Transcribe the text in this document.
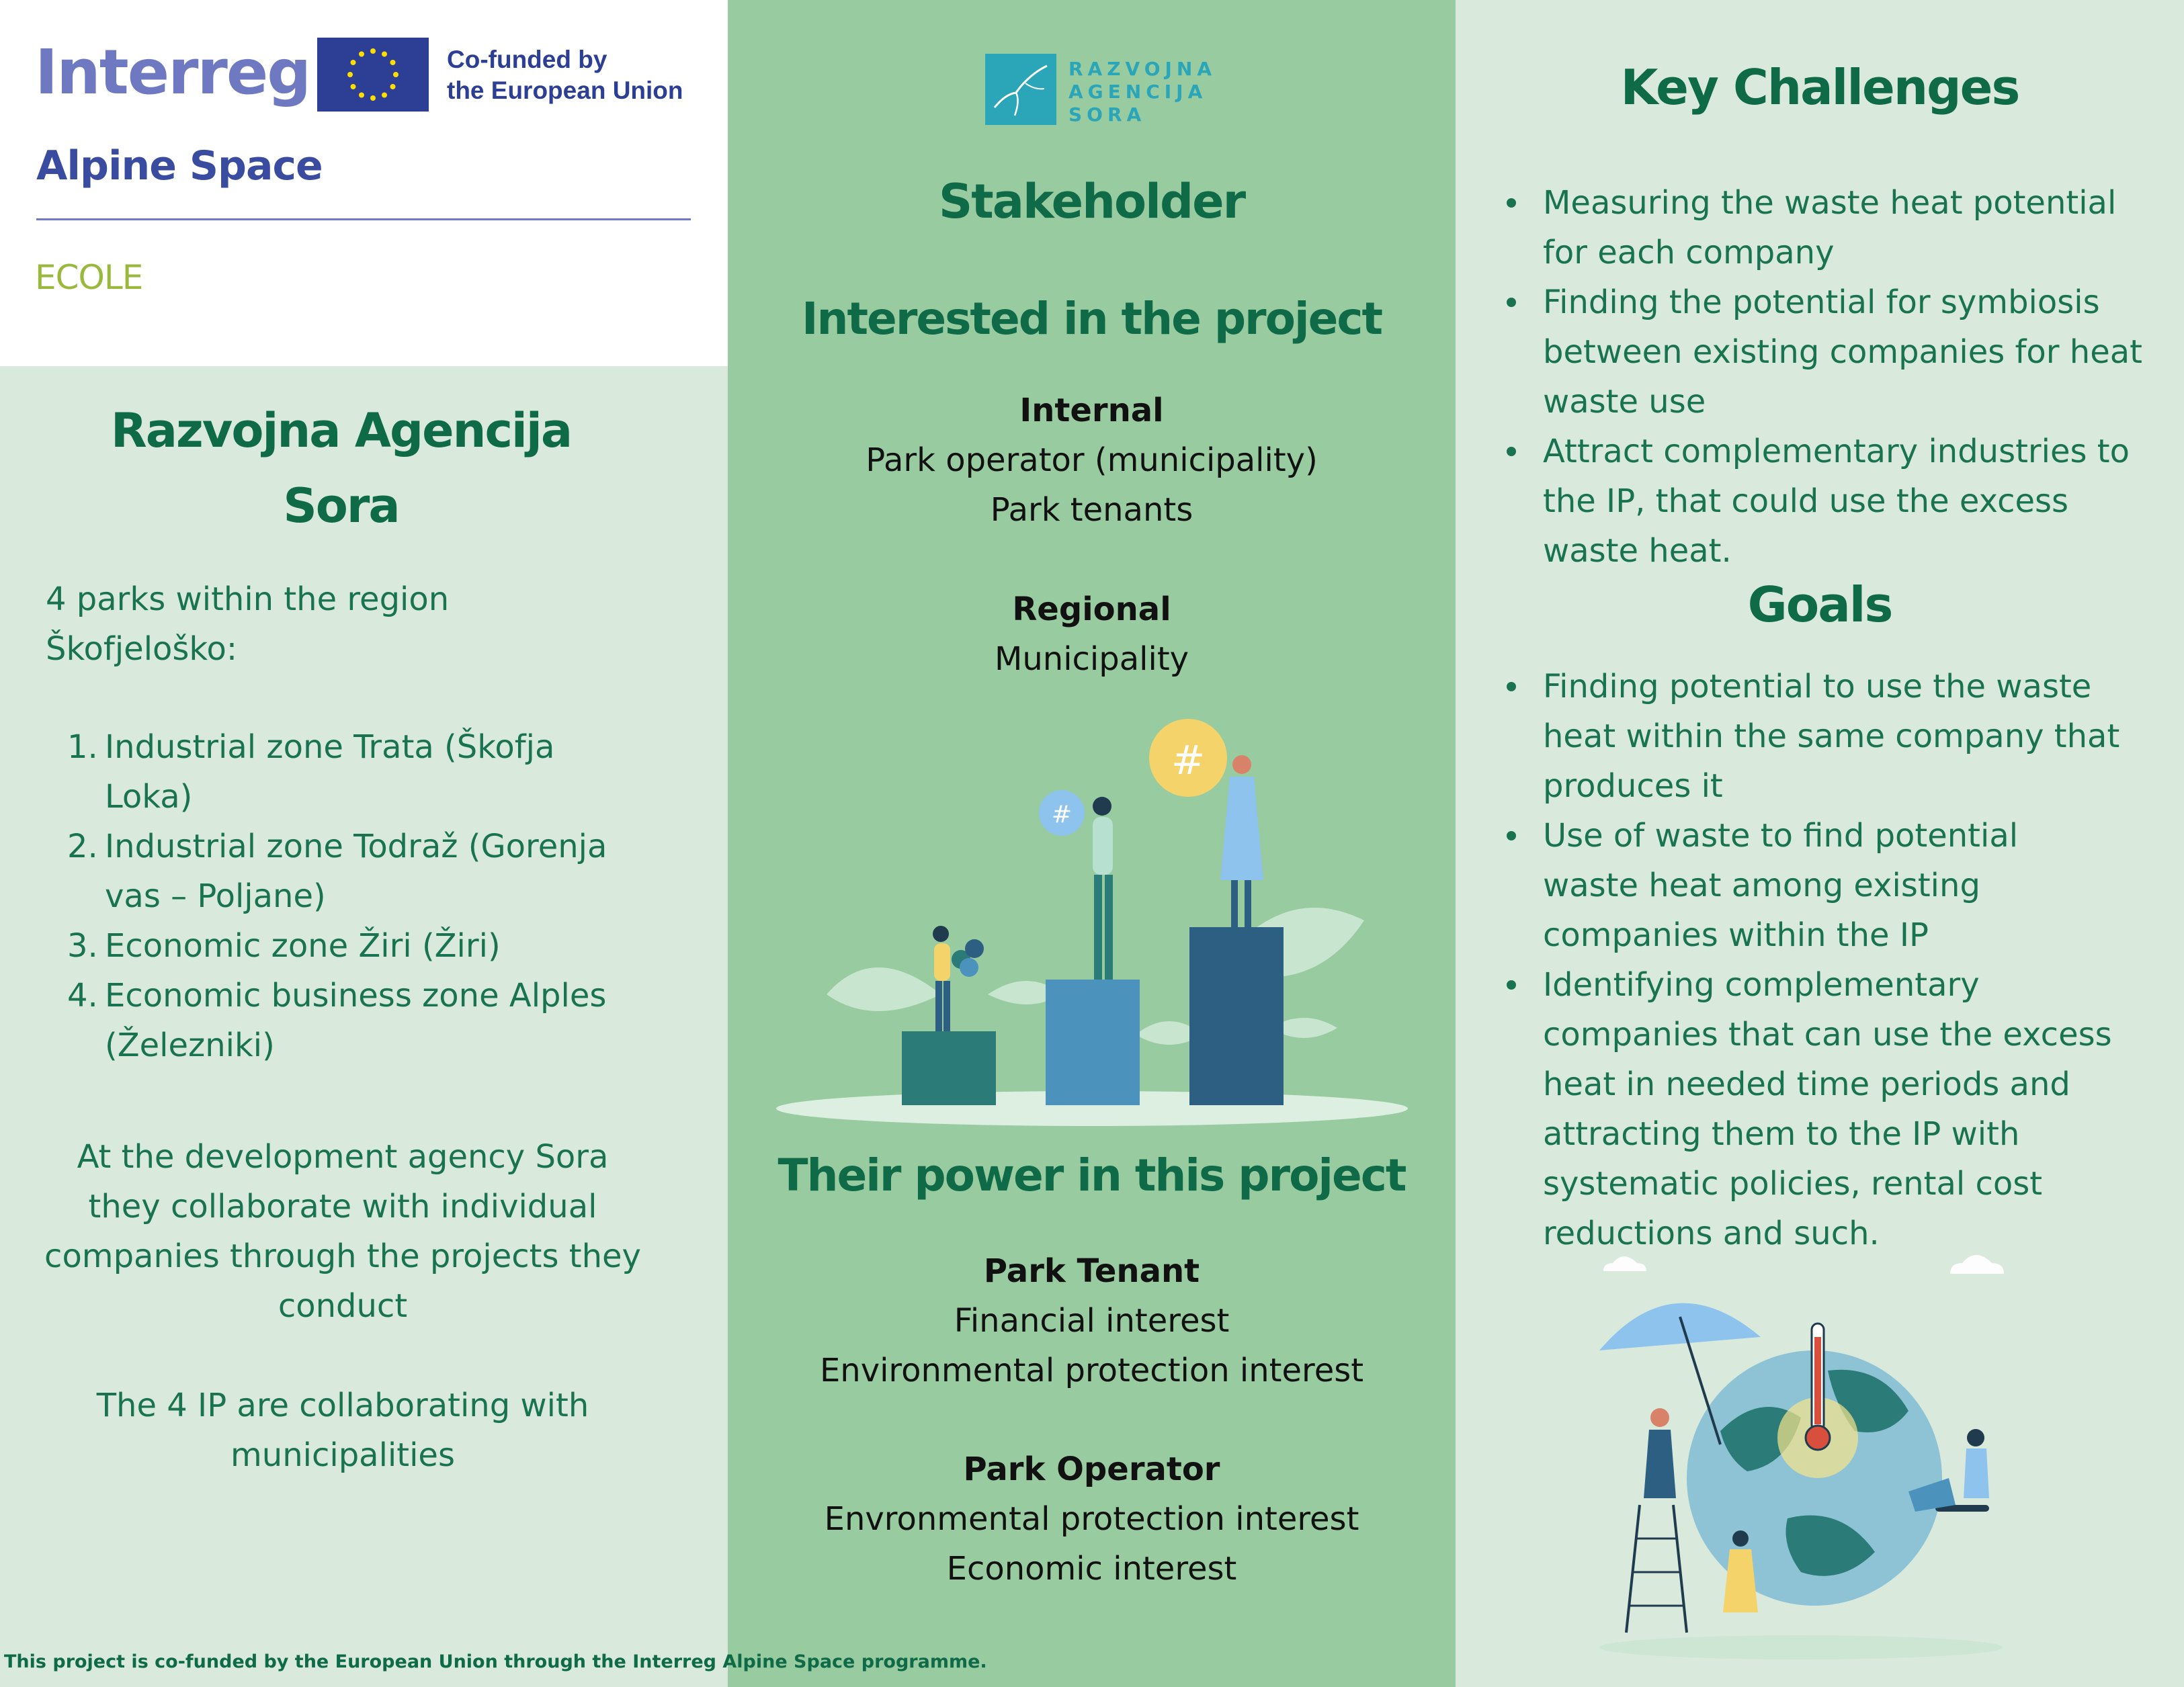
Interreg	Co-funded by
the European Union
Alpine Space
ECOLE
Razvojna Agencija
Sora
4 parks within the region
Škofjeloško:
1. Industrial zone Trata (Škofja
Loka)
2. Industrial zone Todraž (Gorenja
vas – Poljane)
3. Economic zone Žiri (Žiri)
4. Economic business zone Alples
(Železniki)
At the development agency Sora
they collaborate with individual
companies through the projects they
conduct
The 4 IP are collaborating with
municipalities
This project is co-funded by the European Union through the Interreg Alpine Space programme.
RAZVOJNA
AGENCIJA
SORA
Stakeholder
Interested in the project
Internal
Park operator (municipality)
Park tenants
Regional
Municipality
#
#
Their power in this project
Park Tenant
Financial interest
Environmental protection interest
Park Operator
Envronmental protection interest
Economic interest
Key Challenges
Measuring the waste heat potential
for each company
Finding the potential for symbiosis
between existing companies for heat
waste use
Attract complementary industries to
the IP, that could use the excess
waste heat.
Goals
Finding potential to use the waste
heat within the same company that
produces it
Use of waste to find potential
waste heat among existing
companies within the IP
Identifying complementary
companies that can use the excess
heat in needed time periods and
attracting them to the IP with
systematic policies, rental cost
reductions and such.
